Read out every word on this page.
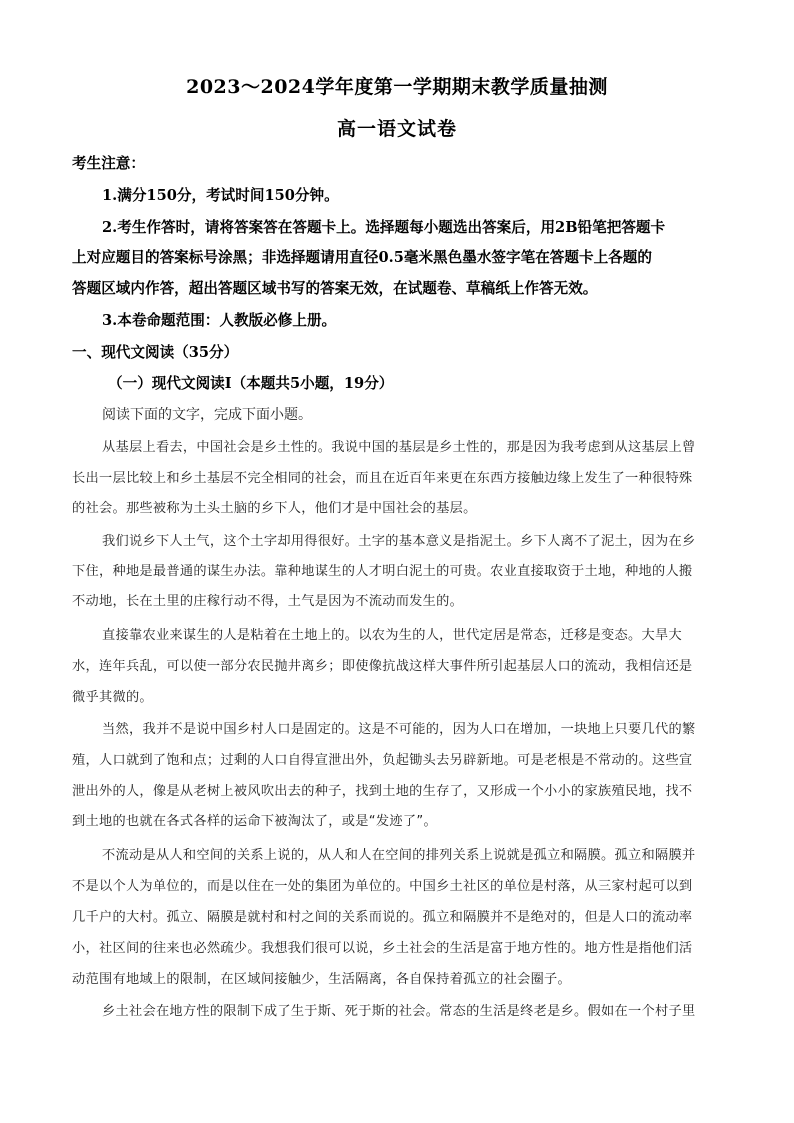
2023～2024学年度第一学期期末教学质量抽测
高一语文试卷
考生注意：
1.满分150分，考试时间150分钟。
2.考生作答时，请将答案答在答题卡上。选择题每小题选出答案后，用2B铅笔把答题卡
上对应题目的答案标号涂黑；非选择题请用直径0.5毫米黑色墨水签字笔在答题卡上各题的
答题区域内作答，超出答题区域书写的答案无效，在试题卷、草稿纸上作答无效。
3.本卷命题范围：人教版必修上册。
一、现代文阅读（35分）
（一）现代文阅读Ⅰ（本题共5小题，19分）
阅读下面的文字，完成下面小题。
从基层上看去，中国社会是乡土性的。我说中国的基层是乡土性的，那是因为我考虑到从这基层上曾
长出一层比较上和乡土基层不完全相同的社会，而且在近百年来更在东西方接触边缘上发生了一种很特殊
的社会。那些被称为土头土脑的乡下人，他们才是中国社会的基层。
我们说乡下人土气，这个土字却用得很好。土字的基本意义是指泥土。乡下人离不了泥土，因为在乡
下住，种地是最普通的谋生办法。靠种地谋生的人才明白泥土的可贵。农业直接取资于土地，种地的人搬
不动地，长在土里的庄稼行动不得，土气是因为不流动而发生的。
直接靠农业来谋生的人是粘着在土地上的。以农为生的人，世代定居是常态，迁移是变态。大旱大
水，连年兵乱，可以使一部分农民抛井离乡；即使像抗战这样大事件所引起基层人口的流动，我相信还是
微乎其微的。
当然，我并不是说中国乡村人口是固定的。这是不可能的，因为人口在增加，一块地上只要几代的繁
殖，人口就到了饱和点；过剩的人口自得宣泄出外，负起锄头去另辟新地。可是老根是不常动的。这些宣
泄出外的人，像是从老树上被风吹出去的种子，找到土地的生存了，又形成一个小小的家族殖民地，找不
到土地的也就在各式各样的运命下被淘汰了，或是“发迹了”。
不流动是从人和空间的关系上说的，从人和人在空间的排列关系上说就是孤立和隔膜。孤立和隔膜并
不是以个人为单位的，而是以住在一处的集团为单位的。中国乡土社区的单位是村落，从三家村起可以到
几千户的大村。孤立、隔膜是就村和村之间的关系而说的。孤立和隔膜并不是绝对的，但是人口的流动率
小，社区间的往来也必然疏少。我想我们很可以说，乡土社会的生活是富于地方性的。地方性是指他们活
动范围有地域上的限制，在区域间接触少，生活隔离，各自保持着孤立的社会圈子。
乡土社会在地方性的限制下成了生于斯、死于斯的社会。常态的生活是终老是乡。假如在一个村子里
